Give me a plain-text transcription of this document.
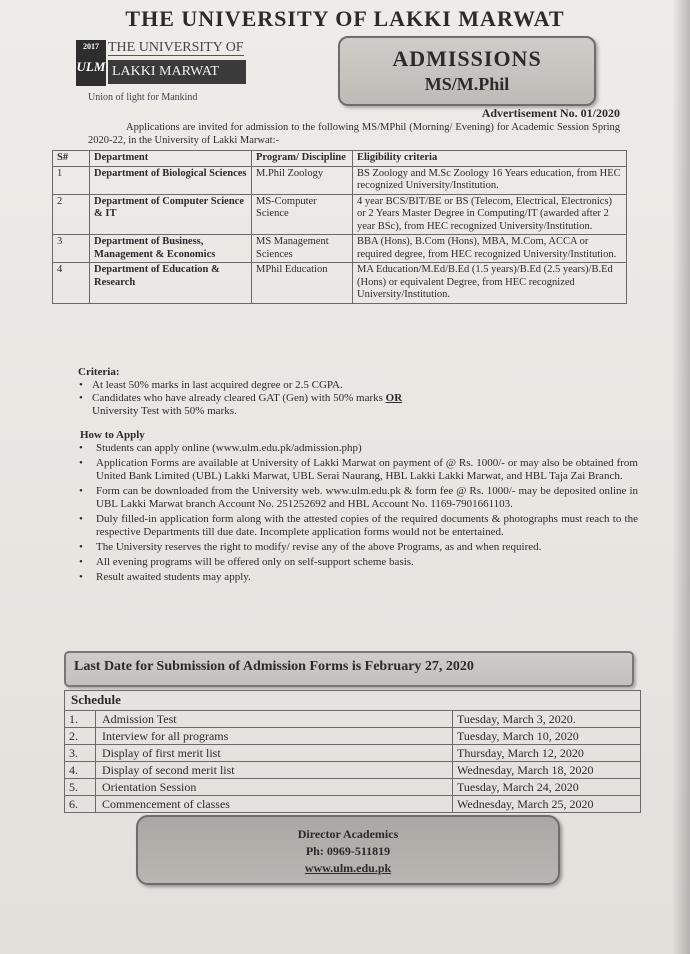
THE UNIVERSITY OF LAKKI MARWAT
2017
ULM
THE UNIVERSITY OF
LAKKI MARWAT
Union of light for Mankind
ADMISSIONS
MS/M.Phil
Advertisement No. 01/2020
Applications are invited for admission to the following MS/MPhil (Morning/ Evening) for Academic Session Spring 2020-22, in the University of Lakki Marwat:-
S#	Department	Program/ Discipline	Eligibility criteria
1	Department of Biological Sciences	M.Phil Zoology	BS Zoology and M.Sc Zoology 16 Years education, from HEC recognized University/Institution.
2	Department of Computer Science & IT	MS-Computer Science	4 year BCS/BIT/BE or BS (Telecom, Electrical, Electronics) or 2 Years Master Degree in Computing/IT (awarded after 2 year BSc), from HEC recognized University/Institution.
3	Department of Business, Management & Economics	MS Management Sciences	BBA (Hons), B.Com (Hons), MBA, M.Com, ACCA or required degree, from HEC recognized University/Institution.
4	Department of Education & Research	MPhil Education	MA Education/M.Ed/B.Ed (1.5 years)/B.Ed (2.5 years)/B.Ed (Hons) or equivalent Degree, from HEC recognized University/Institution.
Criteria:
• At least 50% marks in last acquired degree or 2.5 CGPA.
• Candidates who have already cleared GAT (Gen) with 50% marks OR
University Test with 50% marks.
How to Apply
• Students can apply online (www.ulm.edu.pk/admission.php)
• Application Forms are available at University of Lakki Marwat on payment of @ Rs. 1000/- or may also be obtained from United Bank Limited (UBL) Lakki Marwat, UBL Serai Naurang, HBL Lakki Lakki Marwat, and HBL Taja Zai Branch.
• Form can be downloaded from the University web. www.ulm.edu.pk & form fee @ Rs. 1000/- may be deposited online in UBL Lakki Marwat branch Account No. 251252692 and HBL Account No. 1169-7901661103.
• Duly filled-in application form along with the attested copies of the required documents & photographs must reach to the respective Departments till due date. Incomplete application forms would not be entertained.
• The University reserves the right to modify/ revise any of the above Programs, as and when required.
• All evening programs will be offered only on self-support scheme basis.
• Result awaited students may apply.
Last Date for Submission of Admission Forms is February 27, 2020
Schedule
1.	Admission Test	Tuesday, March 3, 2020.
2.	Interview for all programs	Tuesday, March 10, 2020
3.	Display of first merit list	Thursday, March 12, 2020
4.	Display of second merit list	Wednesday, March 18, 2020
5.	Orientation Session	Tuesday, March 24, 2020
6.	Commencement of classes	Wednesday, March 25, 2020
Director Academics
Ph: 0969-511819
www.ulm.edu.pk
